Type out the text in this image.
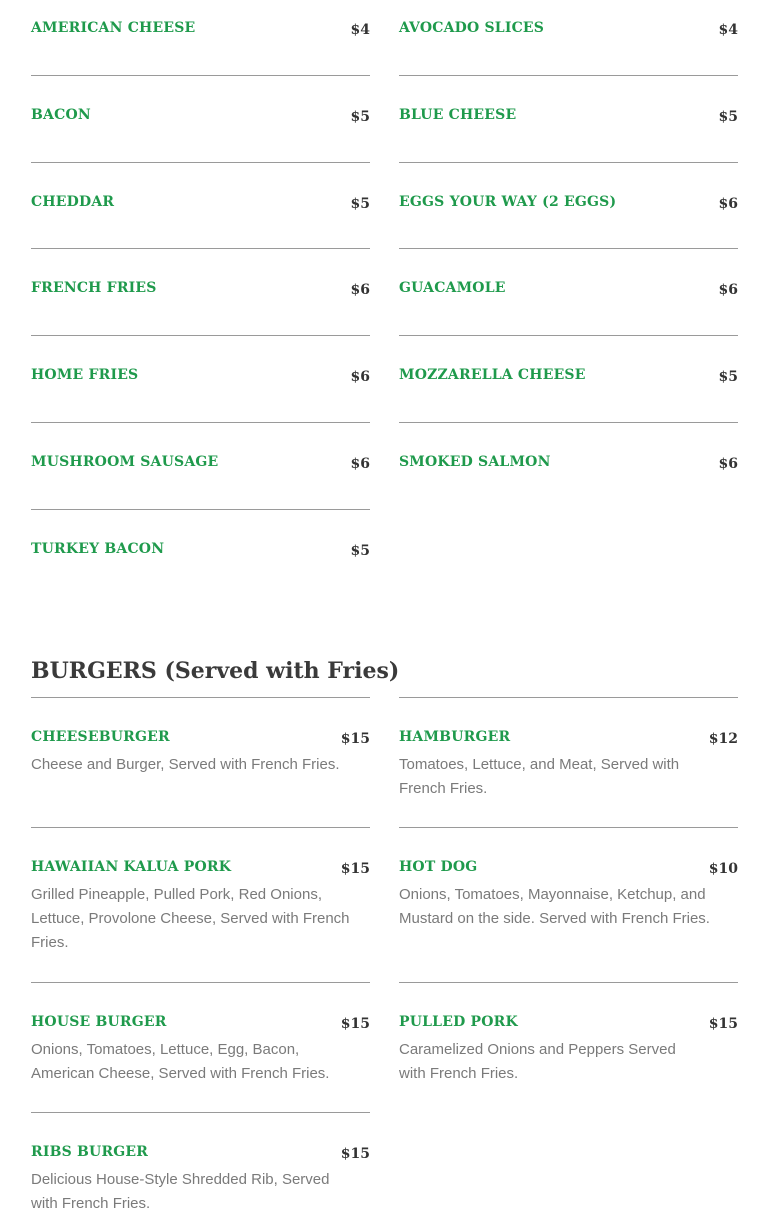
AMERICAN CHEESE	$4
BACON	$5
CHEDDAR	$5
FRENCH FRIES	$6
HOME FRIES	$6
MUSHROOM SAUSAGE	$6
TURKEY BACON	$5
AVOCADO SLICES	$4
BLUE CHEESE	$5
EGGS YOUR WAY (2 EGGS)	$6
GUACAMOLE	$6
MOZZARELLA CHEESE	$5
SMOKED SALMON	$6
BURGERS (Served with Fries)
CHEESEBURGER	$15
Cheese and Burger, Served with French Fries.
HAWAIIAN KALUA PORK	$15
Grilled Pineapple, Pulled Pork, Red Onions, Lettuce, Provolone Cheese, Served with French Fries.
HOUSE BURGER	$15
Onions, Tomatoes, Lettuce, Egg, Bacon, American Cheese, Served with French Fries.
RIBS BURGER	$15
Delicious House-Style Shredded Rib, Served with French Fries.
HAMBURGER	$12
Tomatoes, Lettuce, and Meat, Served with French Fries.
HOT DOG	$10
Onions, Tomatoes, Mayonnaise, Ketchup, and Mustard on the side. Served with French Fries.
PULLED PORK	$15
Caramelized Onions and Peppers Served with French Fries.
